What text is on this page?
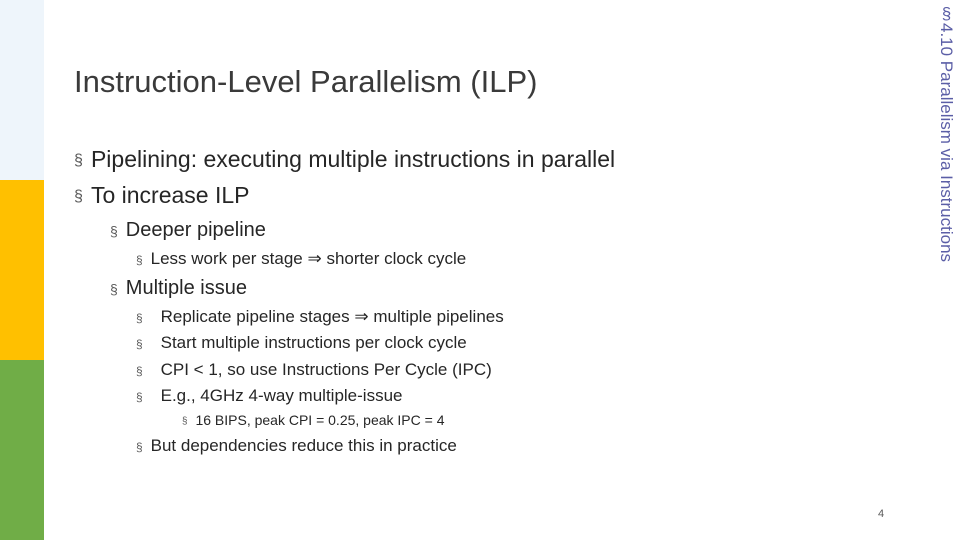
Instruction-Level Parallelism (ILP)	§4.10 Parallelism via Instructions
§ Pipelining: executing multiple instructions in parallel
§ To increase ILP
§ Deeper pipeline
§ Less work per stage ⇒ shorter clock cycle
§ Multiple issue
§ Replicate pipeline stages ⇒ multiple pipelines
§ Start multiple instructions per clock cycle
§ CPI < 1, so use Instructions Per Cycle (IPC)
§ E.g., 4GHz 4-way multiple-issue
§ 16 BIPS, peak CPI = 0.25, peak IPC = 4
§ But dependencies reduce this in practice
4
